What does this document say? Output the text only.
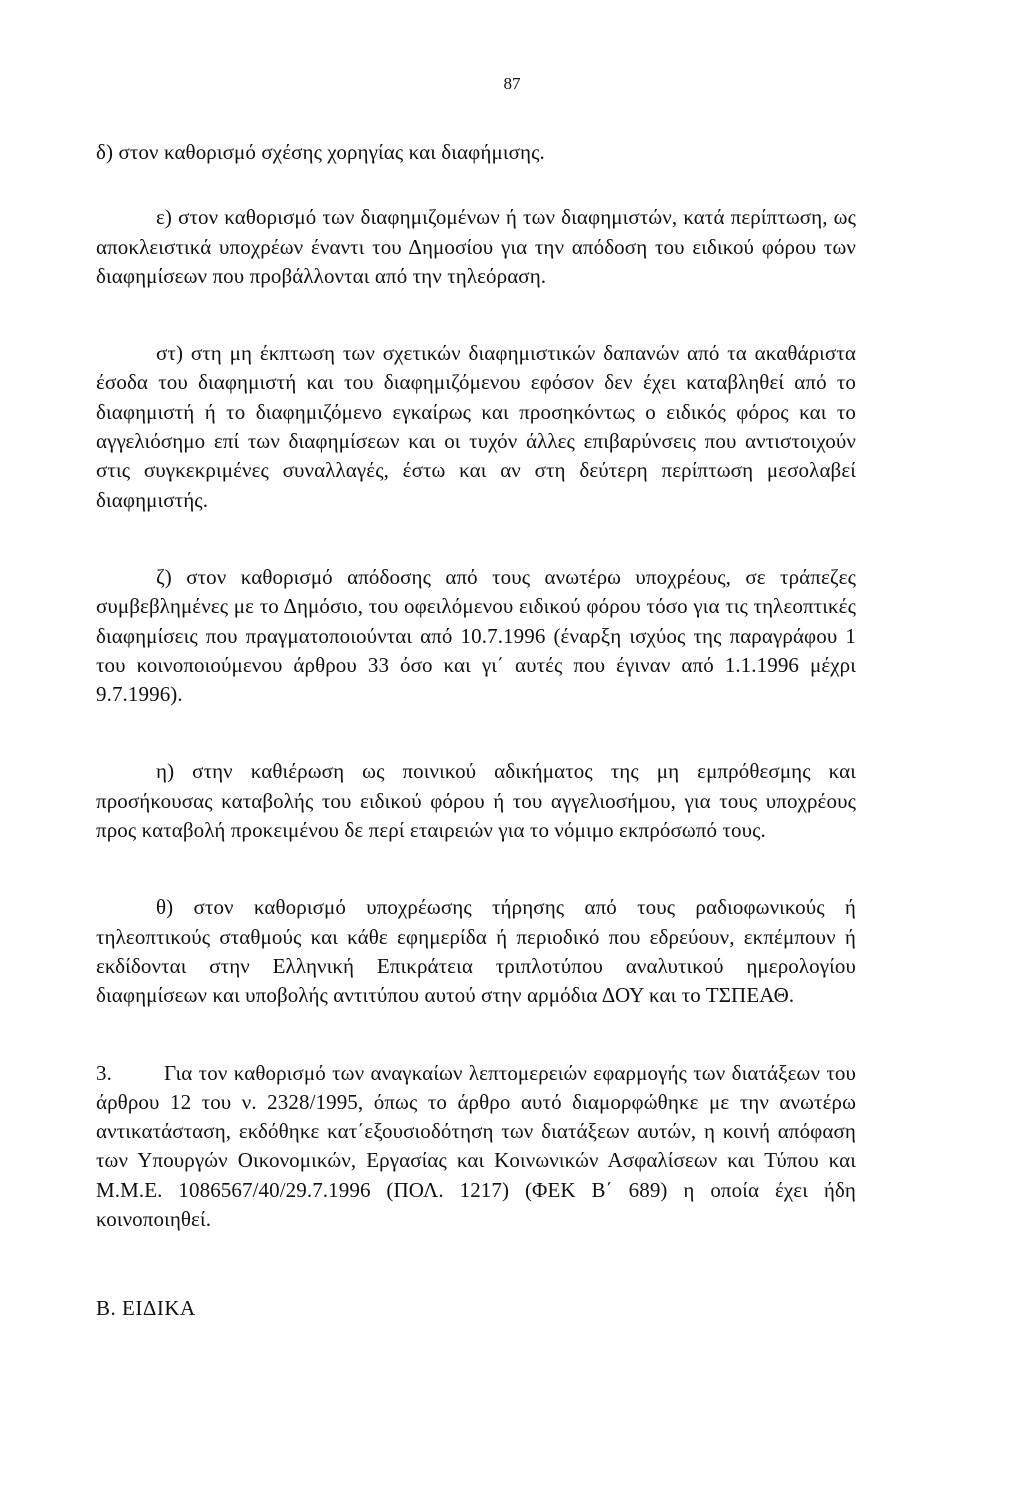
87

δ) στον καθορισμό σχέσης χορηγίας και διαφήμισης.

ε) στον καθορισμό των διαφημιζομένων ή των διαφημιστών, κατά περίπτωση, ως αποκλειστικά υποχρέων έναντι του Δημοσίου για την απόδοση του ειδικού φόρου των διαφημίσεων που προβάλλονται από την τηλεόραση.

στ) στη μη έκπτωση των σχετικών διαφημιστικών δαπανών από τα ακαθάριστα έσοδα του διαφημιστή και του διαφημιζόμενου εφόσον δεν έχει καταβληθεί από το διαφημιστή ή το διαφημιζόμενο εγκαίρως και προσηκόντως ο ειδικός φόρος και το αγγελιόσημο επί των διαφημίσεων και οι τυχόν άλλες επιβαρύνσεις που αντιστοιχούν στις συγκεκριμένες συναλλαγές, έστω και αν στη δεύτερη περίπτωση μεσολαβεί διαφημιστής.

ζ) στον καθορισμό απόδοσης από τους ανωτέρω υποχρέους, σε τράπεζες συμβεβλημένες με το Δημόσιο, του οφειλόμενου ειδικού φόρου τόσο για τις τηλεοπτικές διαφημίσεις που πραγματοποιούνται από 10.7.1996 (έναρξη ισχύος της παραγράφου 1 του κοινοποιούμενου άρθρου 33 όσο και γι΄ αυτές που έγιναν από 1.1.1996 μέχρι 9.7.1996).

η) στην καθιέρωση ως ποινικού αδικήματος της μη εμπρόθεσμης και προσήκουσας καταβολής του ειδικού φόρου ή του αγγελιοσήμου, για τους υποχρέους προς καταβολή προκειμένου δε περί εταιρειών για το νόμιμο εκπρόσωπό τους.

θ) στον καθορισμό υποχρέωσης τήρησης από τους ραδιοφωνικούς ή τηλεοπτικούς σταθμούς και κάθε εφημερίδα ή περιοδικό που εδρεύουν, εκπέμπουν ή εκδίδονται στην Ελληνική Επικράτεια τριπλοτύπου αναλυτικού ημερολογίου διαφημίσεων και υποβολής αντιτύπου αυτού στην αρμόδια ΔΟΥ και το ΤΣΠΕΑΘ.

3. Για τον καθορισμό των αναγκαίων λεπτομερειών εφαρμογής των διατάξεων του άρθρου 12 του ν. 2328/1995, όπως το άρθρο αυτό διαμορφώθηκε με την ανωτέρω αντικατάσταση, εκδόθηκε κατ΄εξουσιοδότηση των διατάξεων αυτών, η κοινή απόφαση των Υπουργών Οικονομικών, Εργασίας και Κοινωνικών Ασφαλίσεων και Τύπου και Μ.Μ.Ε. 1086567/40/29.7.1996 (ΠΟΛ. 1217) (ΦΕΚ Β΄ 689) η οποία έχει ήδη κοινοποιηθεί.

Β. ΕΙΔΙΚΑ
